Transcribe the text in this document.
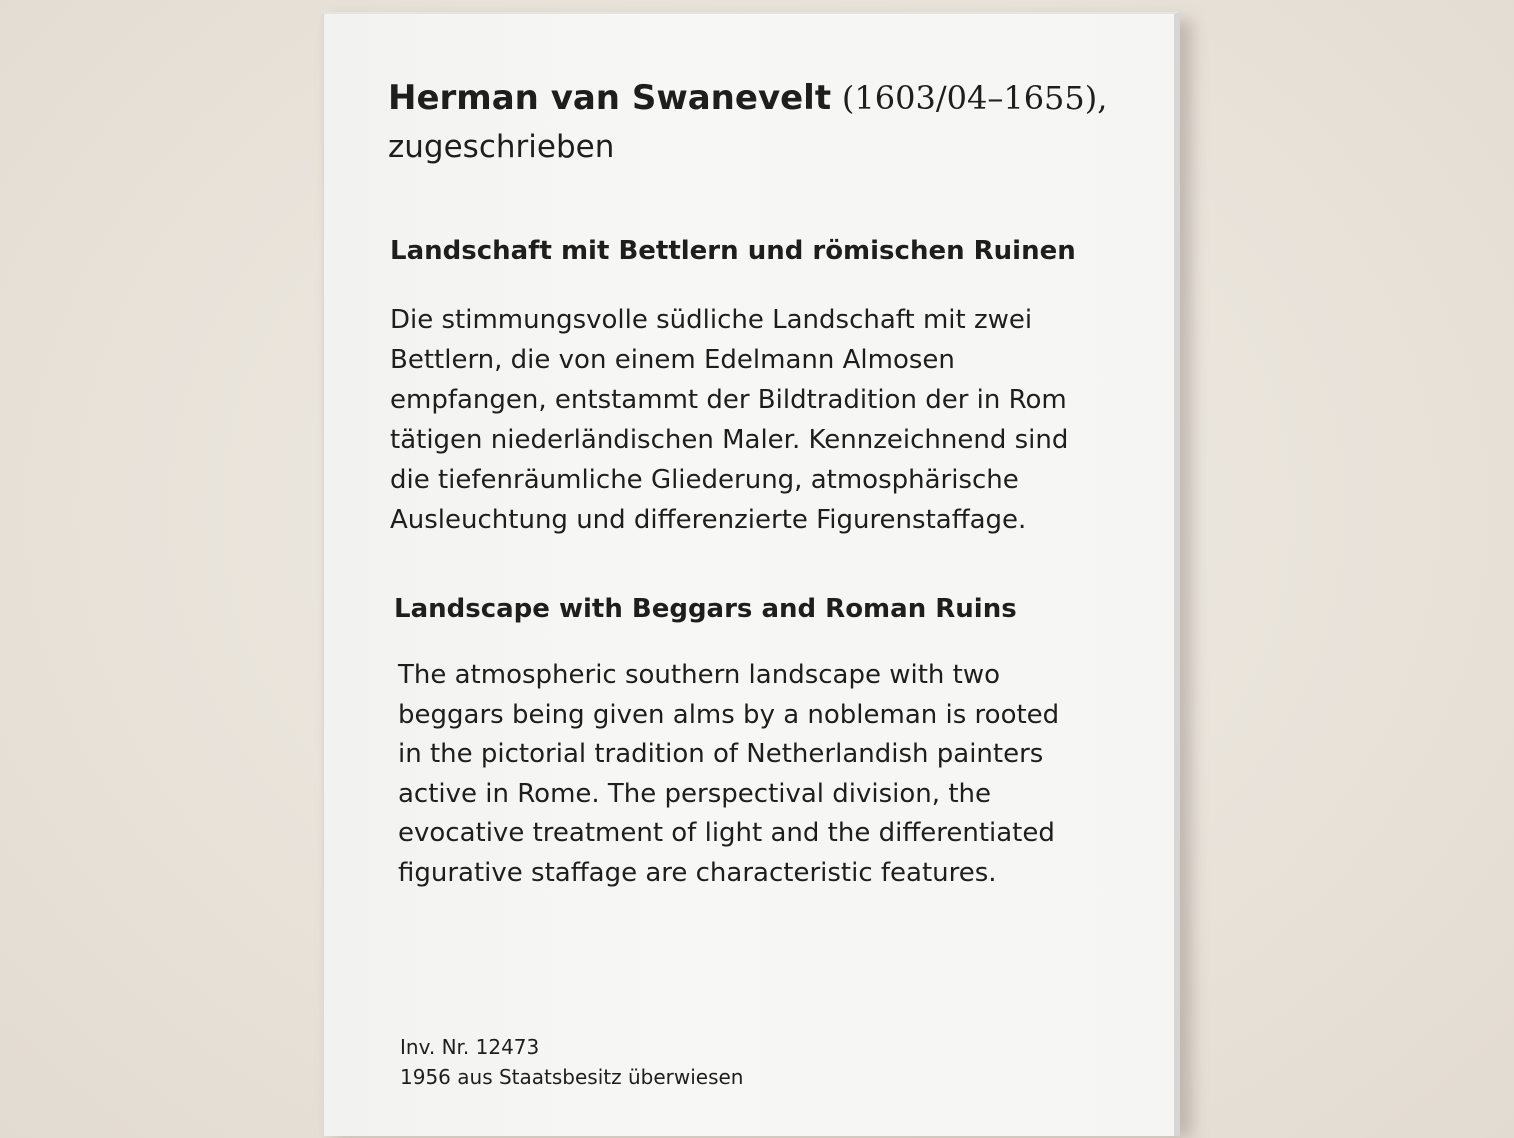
Herman van Swanevelt (1603/04–1655),
zugeschrieben
Landschaft mit Bettlern und römischen Ruinen
Die stimmungsvolle südliche Landschaft mit zwei
Bettlern, die von einem Edelmann Almosen
empfangen, entstammt der Bildtradition der in Rom
tätigen niederländischen Maler. Kennzeichnend sind
die tiefenräumliche Gliederung, atmosphärische
Ausleuchtung und differenzierte Figurenstaffage.
Landscape with Beggars and Roman Ruins
The atmospheric southern landscape with two
beggars being given alms by a nobleman is rooted
in the pictorial tradition of Netherlandish painters
active in Rome. The perspectival division, the
evocative treatment of light and the differentiated
figurative staffage are characteristic features.
Inv. Nr. 12473
1956 aus Staatsbesitz überwiesen
